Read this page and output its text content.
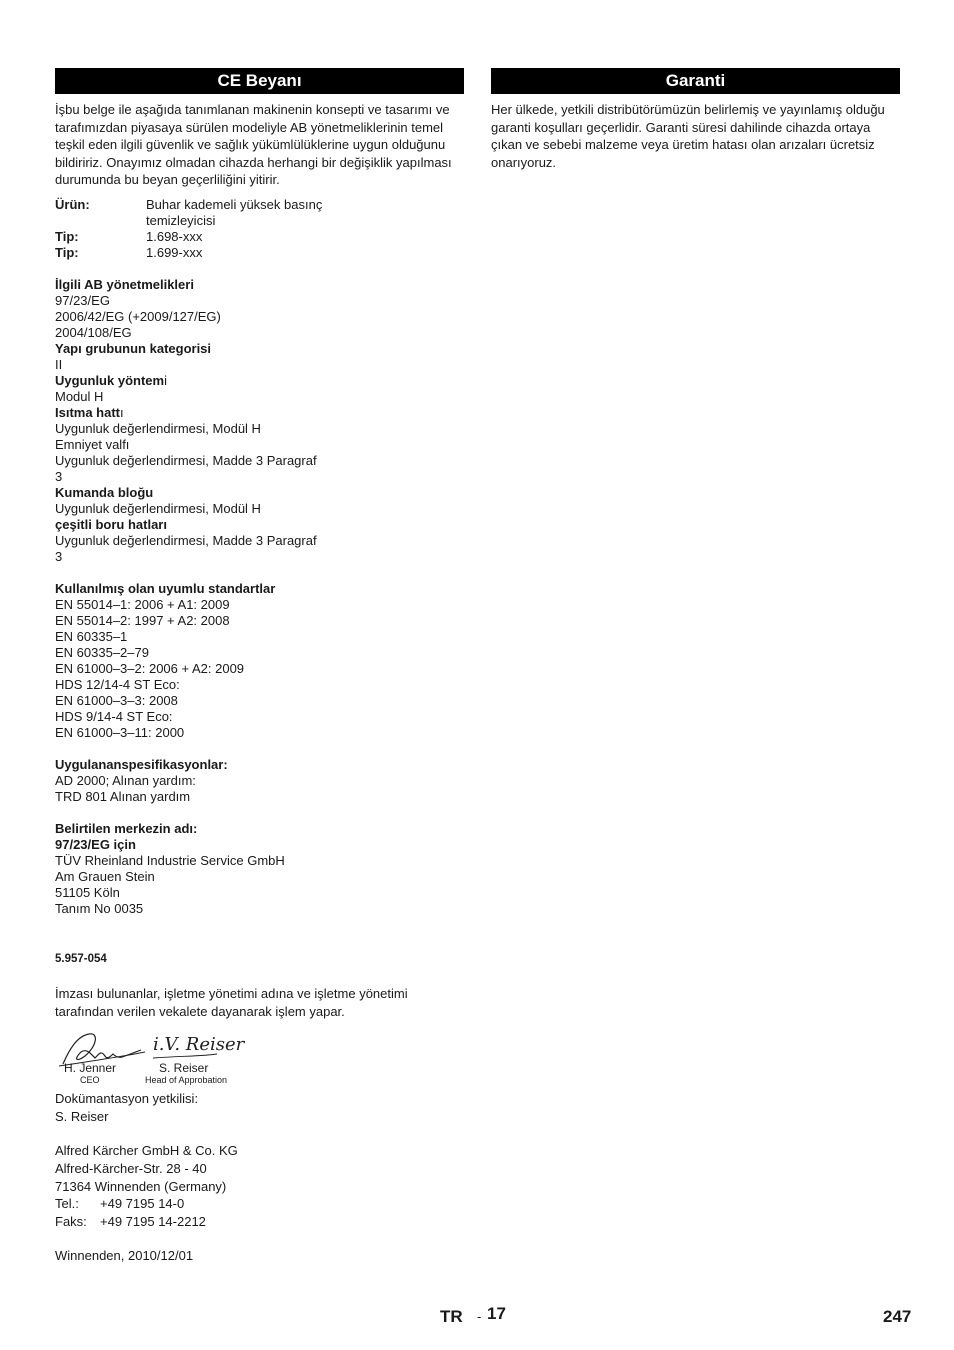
CE Beyanı

İşbu belge ile aşağıda tanımlanan makinenin konsepti ve tasarımı ve tarafımızdan piyasaya sürülen modeliyle AB yönetmeliklerinin temel teşkil eden ilgili güvenlik ve sağlık yükümlülüklerine uygun olduğunu bildiririz. Onayımız olmadan cihazda herhangi bir değişiklik yapılması durumunda bu beyan geçerliliğini yitirir.

Ürün:	Buhar kademeli yüksek basınç temizleyicisi
Tip:	1.698-xxx
Tip:	1.699-xxx
İlgili AB yönetmelikleri
97/23/EG
2006/42/EG (+2009/127/EG)
2004/108/EG
Yapı grubunun kategorisi
II
Uygunluk yöntemi
Modul H
Isıtma hattı
Uygunluk değerlendirmesi, Modül H
Emniyet valfı
Uygunluk değerlendirmesi, Madde 3 Paragraf 3
Kumanda bloğu
Uygunluk değerlendirmesi, Modül H
çeşitli boru hatları
Uygunluk değerlendirmesi, Madde 3 Paragraf 3
Kullanılmış olan uyumlu standartlar
EN 55014–1: 2006 + A1: 2009
EN 55014–2: 1997 + A2: 2008
EN 60335–1
EN 60335–2–79
EN 61000–3–2: 2006 + A2: 2009
HDS 12/14-4 ST Eco:
EN 61000–3–3: 2008
HDS 9/14-4 ST Eco:
EN 61000–3–11: 2000
Uygulananspesifikasyonlar:
AD 2000; Alınan yardım:
TRD 801 Alınan yardım
Belirtilen merkezin adı:
97/23/EG için
TÜV Rheinland Industrie Service GmbH
Am Grauen Stein
51105 Köln
Tanım No 0035
5.957-054

İmzası bulunanlar, işletme yönetimi adına ve işletme yönetimi tarafından verilen vekalete dayanarak işlem yapar.

i.V. Reiser
H. Jenner
CEO
S. Reiser
Head of Approbation
Dokümantasyon yetkilisi:
S. Reiser
Alfred Kärcher GmbH & Co. KG
Alfred-Kärcher-Str. 28 - 40
71364 Winnenden (Germany)
Tel.: +49 7195 14-0
Faks: +49 7195 14-2212
Winnenden, 2010/12/01
Garanti

Her ülkede, yetkili distribütörümüzün belirlemiş ve yayınlamış olduğu garanti koşulları geçerlidir. Garanti süresi dahilinde cihazda ortaya çıkan ve sebebi malzeme veya üretim hatası olan arızaları ücretsiz onarıyoruz.

TR - 17	247
